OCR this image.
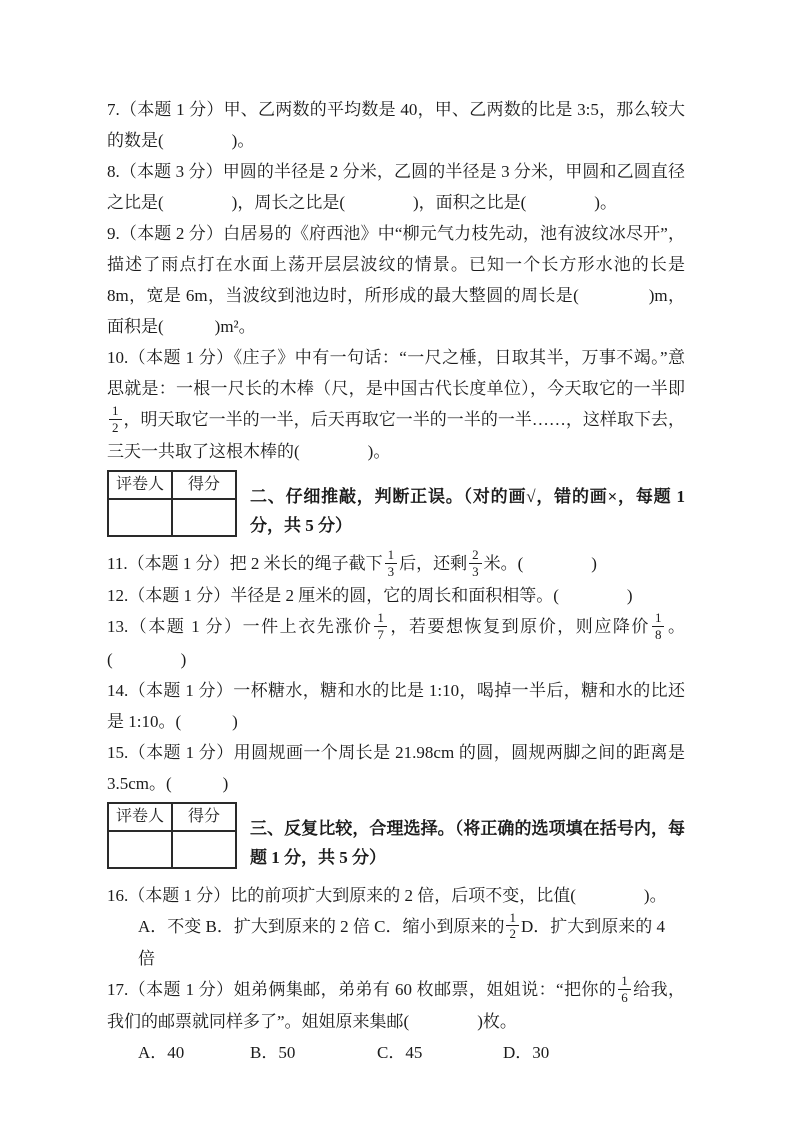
7.（本题 1 分）甲、乙两数的平均数是 40，甲、乙两数的比是 3:5，那么较大的数是(　　　　)。
8.（本题 3 分）甲圆的半径是 2 分米，乙圆的半径是 3 分米，甲圆和乙圆直径之比是(　　　　)，周长之比是(　　　　)，面积之比是(　　　　)。
9.（本题 2 分）白居易的《府西池》中“柳元气力枝先动，池有波纹冰尽开”，描述了雨点打在水面上荡开层层波纹的情景。已知一个长方形水池的长是 8m，宽是 6m，当波纹到池边时，所形成的最大整圆的周长是(　　　　)m，面积是(　　　)m²。
10.（本题 1 分）《庄子》中有一句话：“一尺之棰，日取其半，万事不竭。”意思就是：一根一尺长的木棒（尺，是中国古代长度单位），今天取它的一半即
$\frac{1}{2}$ ，明天取它一半的一半，后天再取它一半的一半的一半……，这样取下去，三天一共取了这根木棒的(　　　　)。
评卷人	得分

二、仔细推敲，判断正误。（对的画√，错的画×，每题 1 分，共 5 分）
11.（本题 1 分）把 2 米长的绳子截下 $\frac{1}{3}$ 后，还剩 $\frac{2}{3}$ 米。(　　　　)
12.（本题 1 分）半径是 2 厘米的圆，它的周长和面积相等。(　　　　)
13.（本题 1 分）一件上衣先涨价 $\frac{1}{7}$ ，若要想恢复到原价，则应降价 $\frac{1}{8}$ 。(　　　　)
14.（本题 1 分）一杯糖水，糖和水的比是 1:10，喝掉一半后，糖和水的比还是 1:10。(　　　)
15.（本题 1 分）用圆规画一个周长是 21.98cm 的圆，圆规两脚之间的距离是 3.5cm。(　　　)
评卷人	得分

三、反复比较，合理选择。（将正确的选项填在括号内，每题 1 分，共 5 分）
16.（本题 1 分）比的前项扩大到原来的 2 倍，后项不变，比值(　　　　)。
A．不变 B．扩大到原来的 2 倍 C．缩小到原来的 $\frac{1}{2}$ D．扩大到原来的 4 倍
17.（本题 1 分）姐弟俩集邮，弟弟有 60 枚邮票，姐姐说：“把你的 $\frac{1}{6}$ 给我，我们的邮票就同样多了”。姐姐原来集邮(　　　　)枚。
A．40	B．50	C．45	D．30
